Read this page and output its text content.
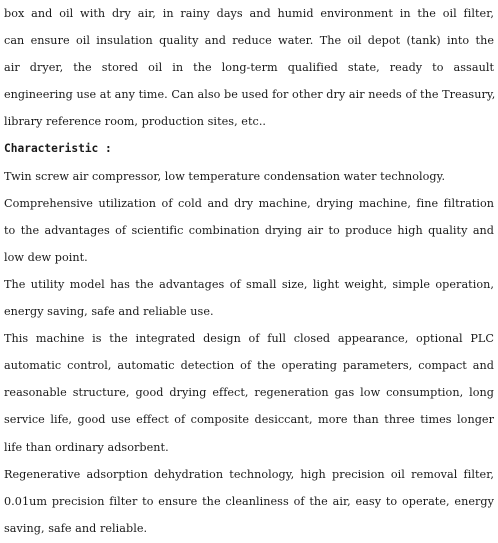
box and oil with dry air, in rainy days and humid environment in the oil filter,
can ensure oil insulation quality and reduce water. The oil depot (tank) into the
air dryer, the stored oil in the long-term qualified state, ready to assault
engineering use at any time. Can also be used for other dry air needs of the Treasury,
library reference room, production sites, etc..
Characteristic :
Twin screw air compressor, low temperature condensation water technology.
Comprehensive utilization of cold and dry machine, drying machine, fine filtration
to the advantages of scientific combination drying air to produce high quality and
low dew point.
The utility model has the advantages of small size, light weight, simple operation,
energy saving, safe and reliable use.
This machine is the integrated design of full closed appearance, optional PLC
automatic control, automatic detection of the operating parameters, compact and
reasonable structure, good drying effect, regeneration gas low consumption, long
service life, good use effect of composite desiccant, more than three times longer
life than ordinary adsorbent.
Regenerative adsorption dehydration technology, high precision oil removal filter,
0.01um precision filter to ensure the cleanliness of the air, easy to operate, energy
saving, safe and reliable.
